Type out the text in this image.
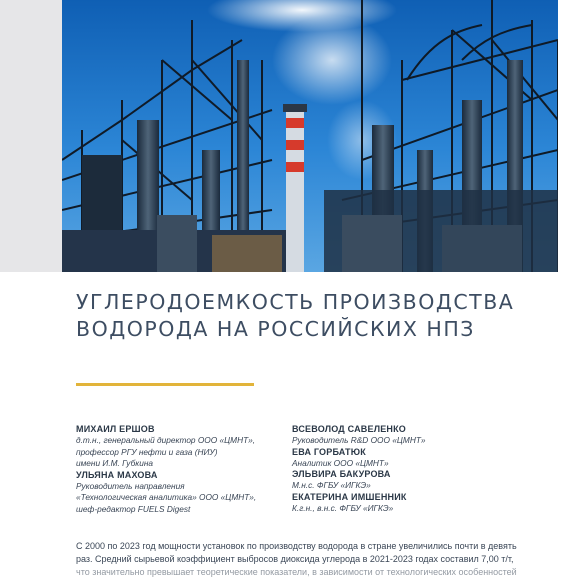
УГЛЕРОДОЕМКОСТЬ ПРОИЗВОДСТВА
ВОДОРОДА НА РОССИЙСКИХ НПЗ
МИХАИЛ ЕРШОВ
д.т.н., генеральный директор ООО «ЦМНТ»,
профессор РГУ нефти и газа (НИУ)
имени И.М. Губкина
УЛЬЯНА МАХОВА
Руководитель направления
«Технологическая аналитика» ООО «ЦМНТ»,
шеф-редактор FUELS Digest
ВСЕВОЛОД САВЕЛЕНКО
Руководитель R&D ООО «ЦМНТ»
ЕВА ГОРБАТЮК
Аналитик ООО «ЦМНТ»
ЭЛЬВИРА БАКУРОВА
М.н.с. ФГБУ «ИГКЭ»
ЕКАТЕРИНА ИМШЕННИК
К.г.н., в.н.с. ФГБУ «ИГКЭ»
С 2000 по 2023 год мощности установок по производству водорода в стране увеличились почти в девять
раз. Средний сырьевой коэффициент выбросов диоксида углерода в 2021-2023 годах составил 7,00 т/т,
что значительно превышает теоретические показатели, в зависимости от технологических особенностей
